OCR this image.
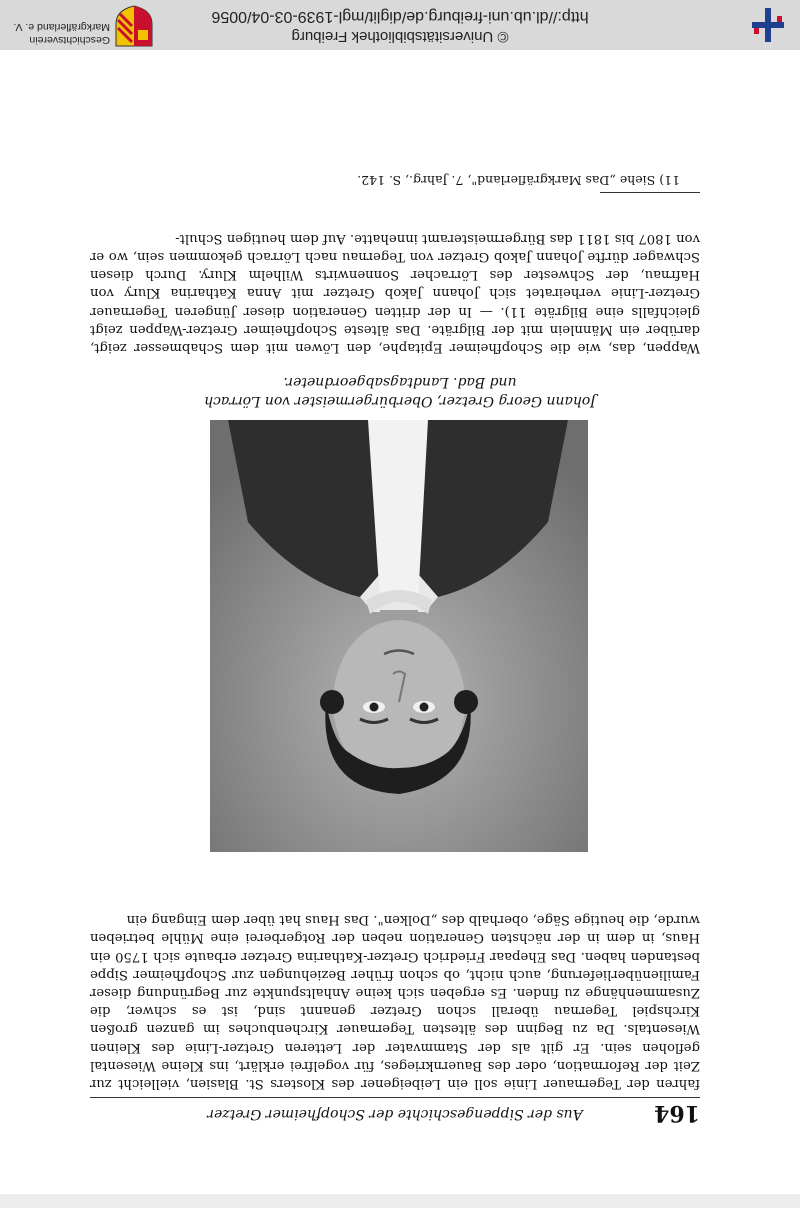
164
Aus der Sippengeschichte der Schopfheimer Gretzer
fahren der Tegernauer Linie soll ein Leibeigener des Klosters St. Blasien, vielleicht zur Zeit der Reformation, oder des Bauernkrieges, für vogelfrei erklärt, ins Kleine Wiesental geflohen sein. Er gilt als der Stammvater der Letteren Gretzer-Linie des Kleinen Wiesentals. Da zu Beginn des ältesten Tegernauer Kirchenbuches im ganzen großen Kirchspiel Tegernau überall schon Gretzer genannt sind, ist es schwer, die Zusammenhänge zu finden. Es ergeben sich keine Anhaltspunkte zur Begründung dieser Familienüberlieferung, auch nicht, ob schon früher Beziehungen zur Schopfheimer Sippe bestanden haben. Das Ehepaar Friedrich Gretzer-Katharina Gretzer erbaute sich 1750 ein Haus, in dem in der nächsten Generation neben der Rotgerberei eine Mühle betrieben wurde, die heutige Säge, oberhalb des „Dolken". Das Haus hat über dem Eingang ein
Johann Georg Gretzer, Oberbürgermeister von Lörrach
und Bad. Landtagsabgeordneter.
Wappen, das, wie die Schopfheimer Epitaphe, den Löwen mit dem Schabmesser zeigt, darüber ein Männlein mit der Bilgräte. Das älteste Schopfheimer Gretzer-Wappen zeigt gleichfalls eine Bilgräte 11). — In der dritten Generation dieser Jüngeren Tegernauer Gretzer-Linie verheiratet sich Johann Jakob Gretzer mit Anna Katharina Klury von Hafrnau, der Schwester des Lörracher Sonnenwirts Wilhelm Klury. Durch diesen Schwager dürfte Johann Jakob Gretzer von Tegernau nach Lörrach gekommen sein, wo er von 1807 bis 1811 das Bürgermeisteramt innehatte. Auf dem heutigen Schult-
11) Siehe „Das Markgräflerland", 7. Jahrg., S. 142.
© Universitätsbibliothek Freiburg
http://dl.ub.uni-freiburg.de/diglit/mgl-1939-03-04/0056
Geschichtsverein
Markgräflerland e. V.
